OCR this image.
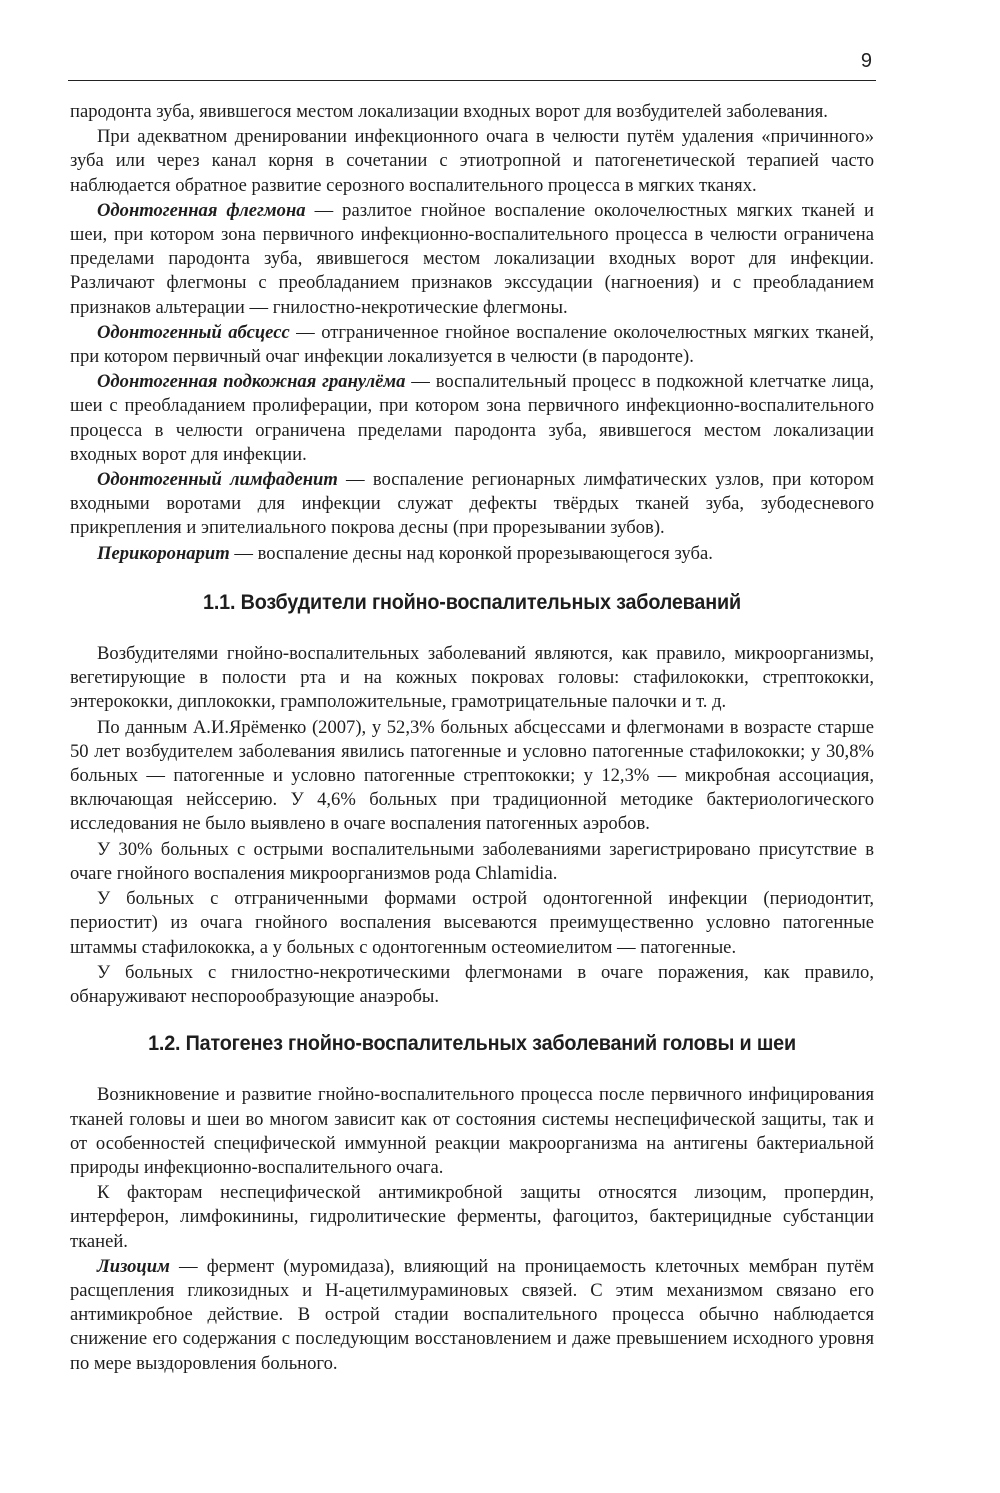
9

пародонта зуба, явившегося местом локализации входных ворот для возбудителей заболевания.

При адекватном дренировании инфекционного очага в челюсти путём удаления «причинного» зуба или через канал корня в сочетании с этиотропной и патогенетической терапией часто наблюдается обратное развитие серозного воспалительного процесса в мягких тканях.

Одонтогенная флегмона — разлитое гнойное воспаление околочелюстных мягких тканей и шеи, при котором зона первичного инфекционно-воспалительного процесса в челюсти ограничена пределами пародонта зуба, явившегося местом локализации входных ворот для инфекции. Различают флегмоны с преобладанием признаков экссудации (нагноения) и с преобладанием признаков альтерации — гнилостно-некротические флегмоны.

Одонтогенный абсцесс — отграниченное гнойное воспаление околочелюстных мягких тканей, при котором первичный очаг инфекции локализуется в челюсти (в пародонте).

Одонтогенная подкожная гранулёма — воспалительный процесс в подкожной клетчатке лица, шеи с преобладанием пролиферации, при котором зона первичного инфекционно-воспалительного процесса в челюсти ограничена пределами пародонта зуба, явившегося местом локализации входных ворот для инфекции.

Одонтогенный лимфаденит — воспаление регионарных лимфатических узлов, при котором входными воротами для инфекции служат дефекты твёрдых тканей зуба, зубодесневого прикрепления и эпителиального покрова десны (при прорезывании зубов).

Перикоронарит — воспаление десны над коронкой прорезывающегося зуба.

1.1. Возбудители гнойно-воспалительных заболеваний

Возбудителями гнойно-воспалительных заболеваний являются, как правило, микроорганизмы, вегетирующие в полости рта и на кожных покровах головы: стафилококки, стрептококки, энтерококки, диплококки, грамположительные, грамотрицательные палочки и т. д.

По данным А.И.Ярёменко (2007), у 52,3% больных абсцессами и флегмонами в возрасте старше 50 лет возбудителем заболевания явились патогенные и условно патогенные стафилококки; у 30,8% больных — патогенные и условно патогенные стрептококки; у 12,3% — микробная ассоциация, включающая нейссерию. У 4,6% больных при традиционной методике бактериологического исследования не было выявлено в очаге воспаления патогенных аэробов.

У 30% больных с острыми воспалительными заболеваниями зарегистрировано присутствие в очаге гнойного воспаления микроорганизмов рода Chlamidia.

У больных с отграниченными формами острой одонтогенной инфекции (периодонтит, периостит) из очага гнойного воспаления высеваются преимущественно условно патогенные штаммы стафилококка, а у больных с одонтогенным остеомиелитом — патогенные.

У больных с гнилостно-некротическими флегмонами в очаге поражения, как правило, обнаруживают неспорообразующие анаэробы.

1.2. Патогенез гнойно-воспалительных заболеваний головы и шеи

Возникновение и развитие гнойно-воспалительного процесса после первичного инфицирования тканей головы и шеи во многом зависит как от состояния системы неспецифической защиты, так и от особенностей специфической иммунной реакции макроорганизма на антигены бактериальной природы инфекционно-воспалительного очага.

К факторам неспецифической антимикробной защиты относятся лизоцим, пропердин, интерферон, лимфокинины, гидролитические ферменты, фагоцитоз, бактерицидные субстанции тканей.

Лизоцим — фермент (муромидаза), влияющий на проницаемость клеточных мембран путём расщепления гликозидных и Н-ацетилмураминовых связей. С этим механизмом связано его антимикробное действие. В острой стадии воспалительного процесса обычно наблюдается снижение его содержания с последующим восстановлением и даже превышением исходного уровня по мере выздоровления больного.
